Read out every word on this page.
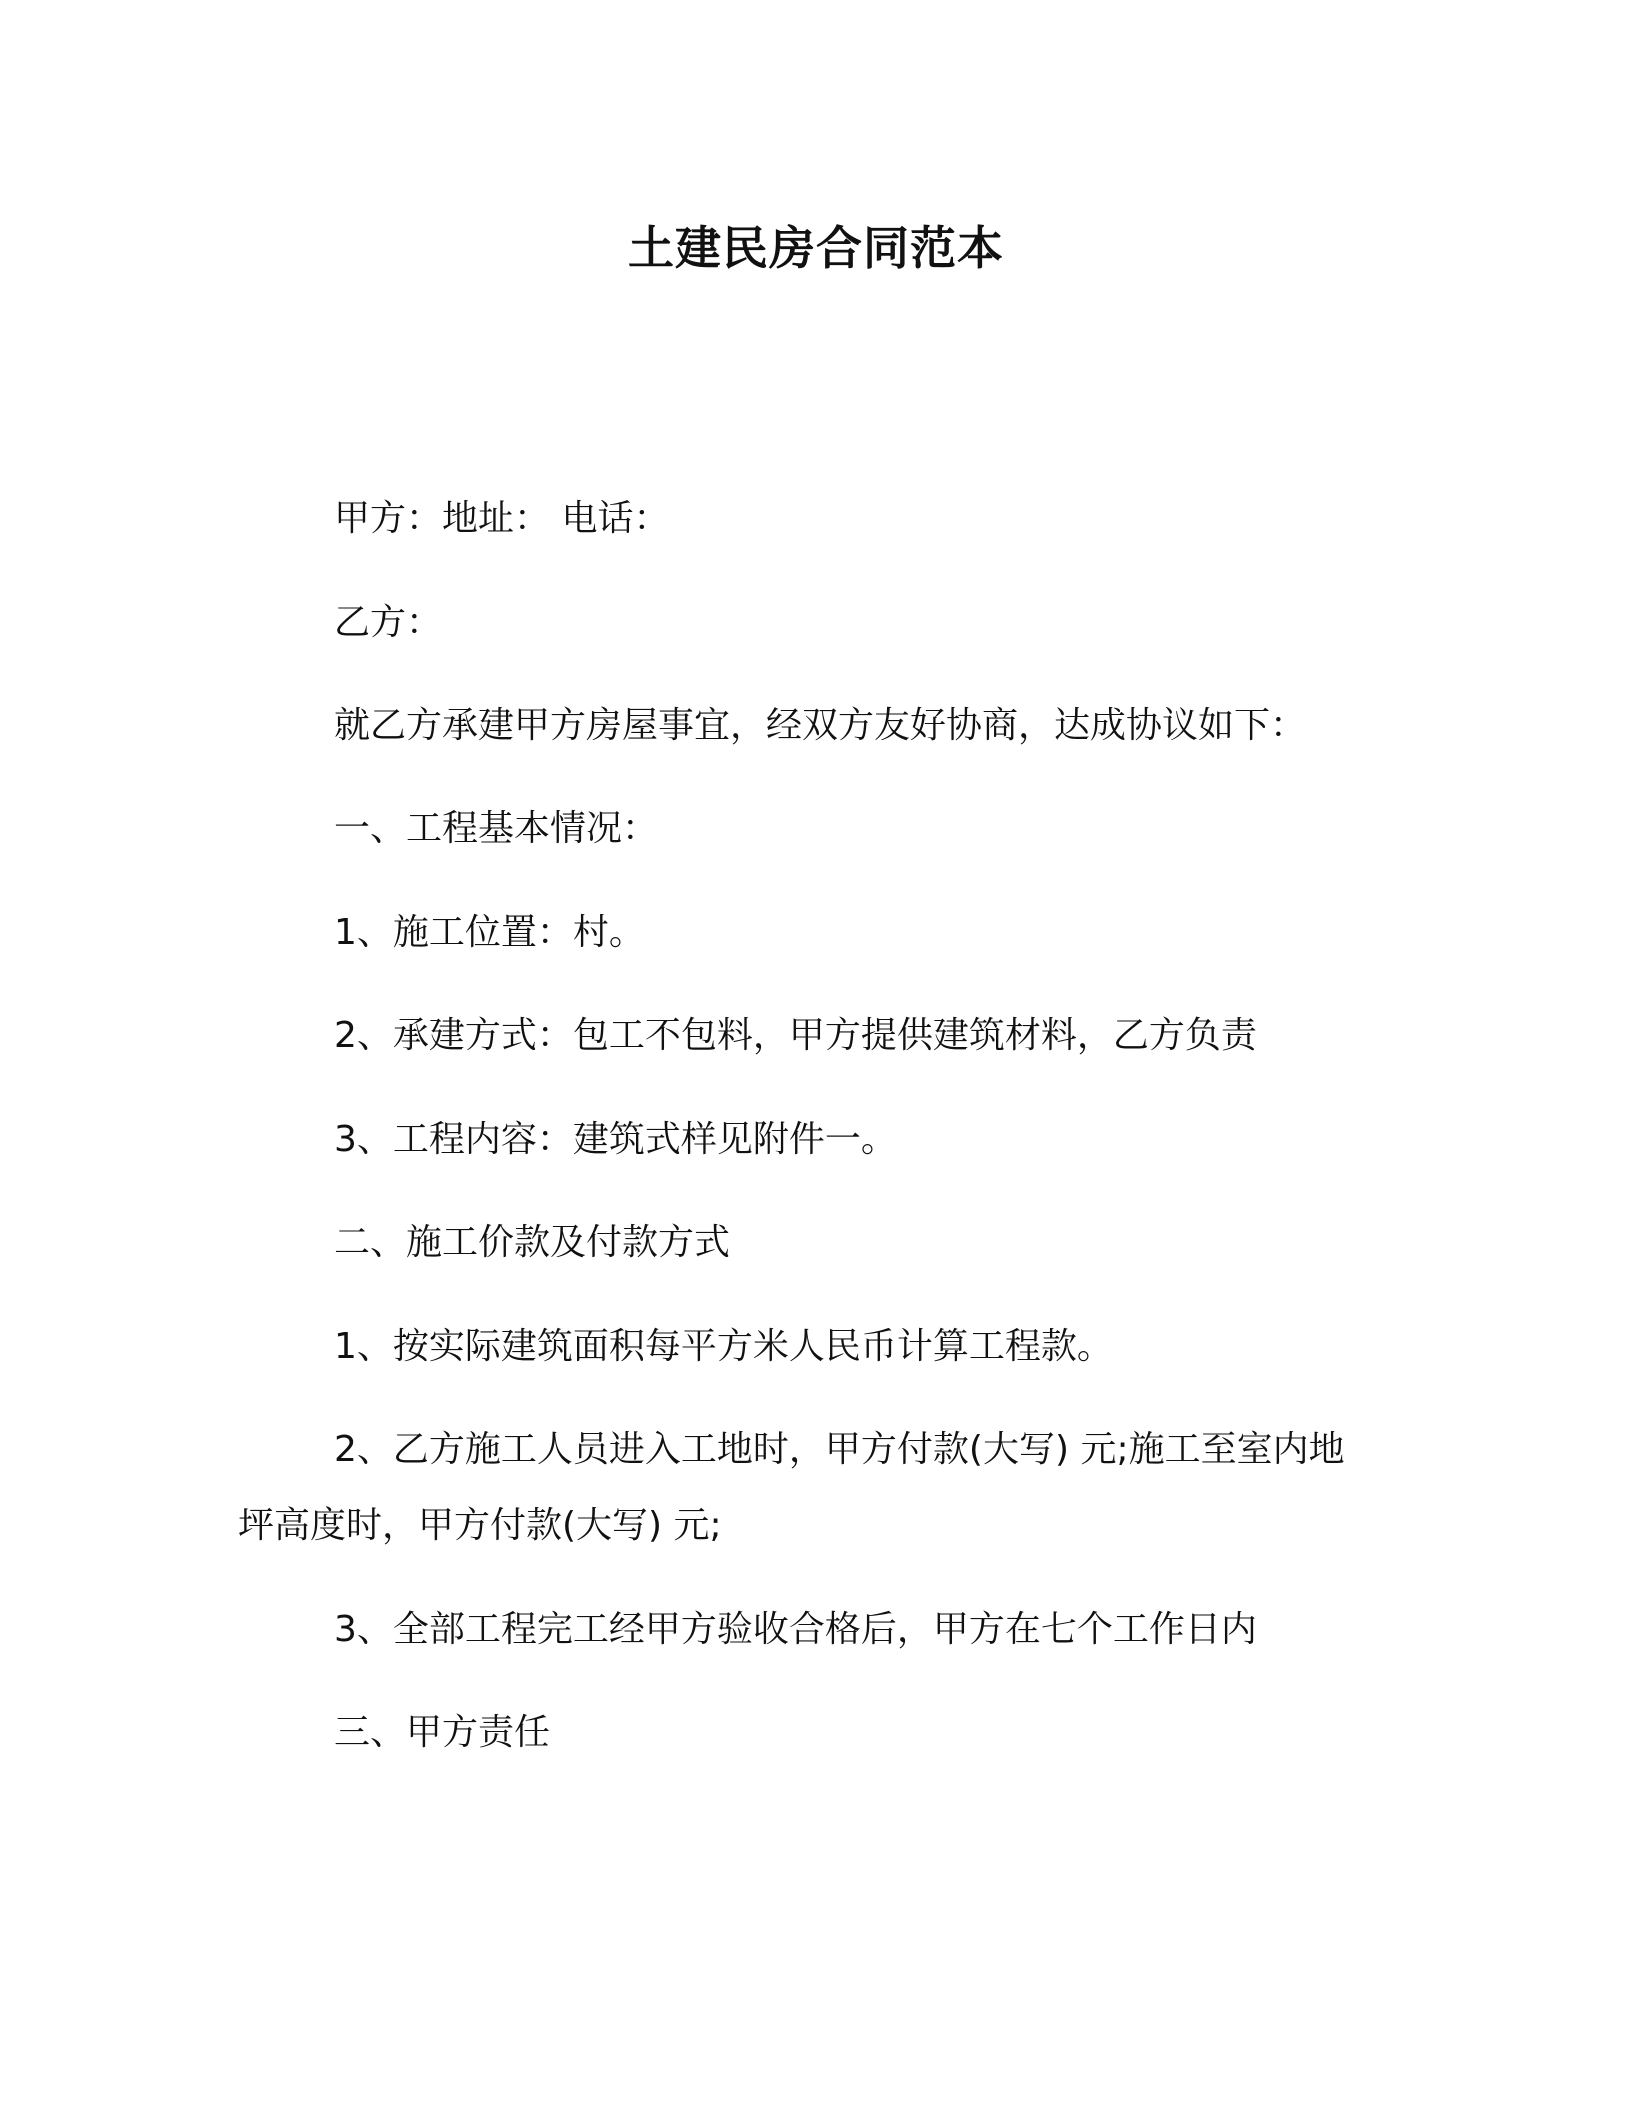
土建民房合同范本

甲方：地址： 电话：

乙方：

就乙方承建甲方房屋事宜，经双方友好协商，达成协议如下：

一、工程基本情况：

1、施工位置：村。

2、承建方式：包工不包料，甲方提供建筑材料，乙方负责

3、工程内容：建筑式样见附件一。

二、施工价款及付款方式

1、按实际建筑面积每平方米人民币计算工程款。

2、乙方施工人员进入工地时，甲方付款(大写) 元;施工至室内地

坪高度时，甲方付款(大写) 元;

3、全部工程完工经甲方验收合格后，甲方在七个工作日内

三、甲方责任
